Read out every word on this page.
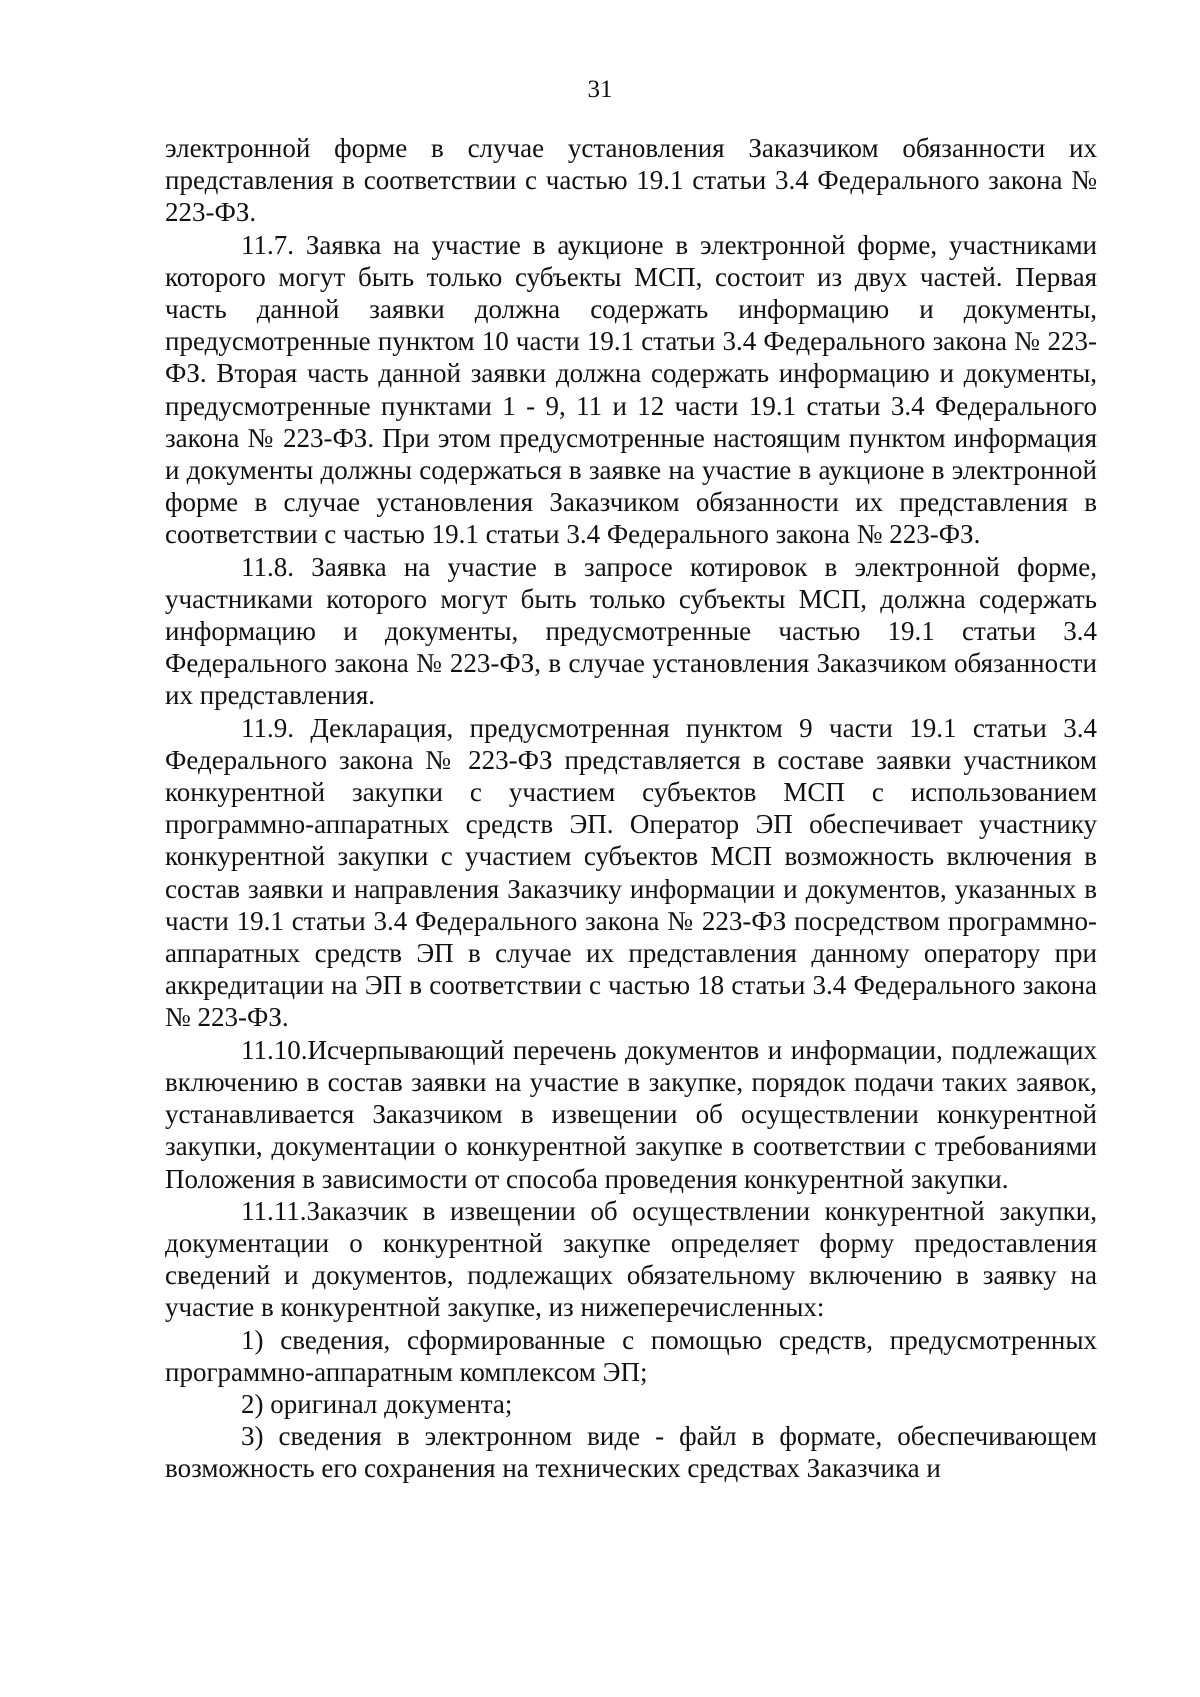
31

электронной форме в случае установления Заказчиком обязанности их представления в соответствии с частью 19.1 статьи 3.4 Федерального закона № 223-ФЗ.

11.7. Заявка на участие в аукционе в электронной форме, участниками которого могут быть только субъекты МСП, состоит из двух частей. Первая часть данной заявки должна содержать информацию и документы, предусмотренные пунктом 10 части 19.1 статьи 3.4 Федерального закона № 223-ФЗ. Вторая часть данной заявки должна содержать информацию и документы, предусмотренные пунктами 1 - 9, 11 и 12 части 19.1 статьи 3.4 Федерального закона № 223-ФЗ. При этом предусмотренные настоящим пунктом информация и документы должны содержаться в заявке на участие в аукционе в электронной форме в случае установления Заказчиком обязанности их представления в соответствии с частью 19.1 статьи 3.4 Федерального закона № 223-ФЗ.

11.8. Заявка на участие в запросе котировок в электронной форме, участниками которого могут быть только субъекты МСП, должна содержать информацию и документы, предусмотренные частью 19.1 статьи 3.4 Федерального закона № 223-ФЗ, в случае установления Заказчиком обязанности их представления.

11.9. Декларация, предусмотренная пунктом 9 части 19.1 статьи 3.4 Федерального закона № 223-ФЗ представляется в составе заявки участником конкурентной закупки с участием субъектов МСП с использованием программно-аппаратных средств ЭП. Оператор ЭП обеспечивает участнику конкурентной закупки с участием субъектов МСП возможность включения в состав заявки и направления Заказчику информации и документов, указанных в части 19.1 статьи 3.4 Федерального закона № 223-ФЗ посредством программно-аппаратных средств ЭП в случае их представления данному оператору при аккредитации на ЭП в соответствии с частью 18 статьи 3.4 Федерального закона № 223-ФЗ.

11.10.Исчерпывающий перечень документов и информации, подлежащих включению в состав заявки на участие в закупке, порядок подачи таких заявок, устанавливается Заказчиком в извещении об осуществлении конкурентной закупки, документации о конкурентной закупке в соответствии с требованиями Положения в зависимости от способа проведения конкурентной закупки.

11.11.Заказчик в извещении об осуществлении конкурентной закупки, документации о конкурентной закупке определяет форму предоставления сведений и документов, подлежащих обязательному включению в заявку на участие в конкурентной закупке, из нижеперечисленных:

1) сведения, сформированные с помощью средств, предусмотренных программно-аппаратным комплексом ЭП;

2) оригинал документа;

3) сведения в электронном виде - файл в формате, обеспечивающем возможность его сохранения на технических средствах Заказчика и
